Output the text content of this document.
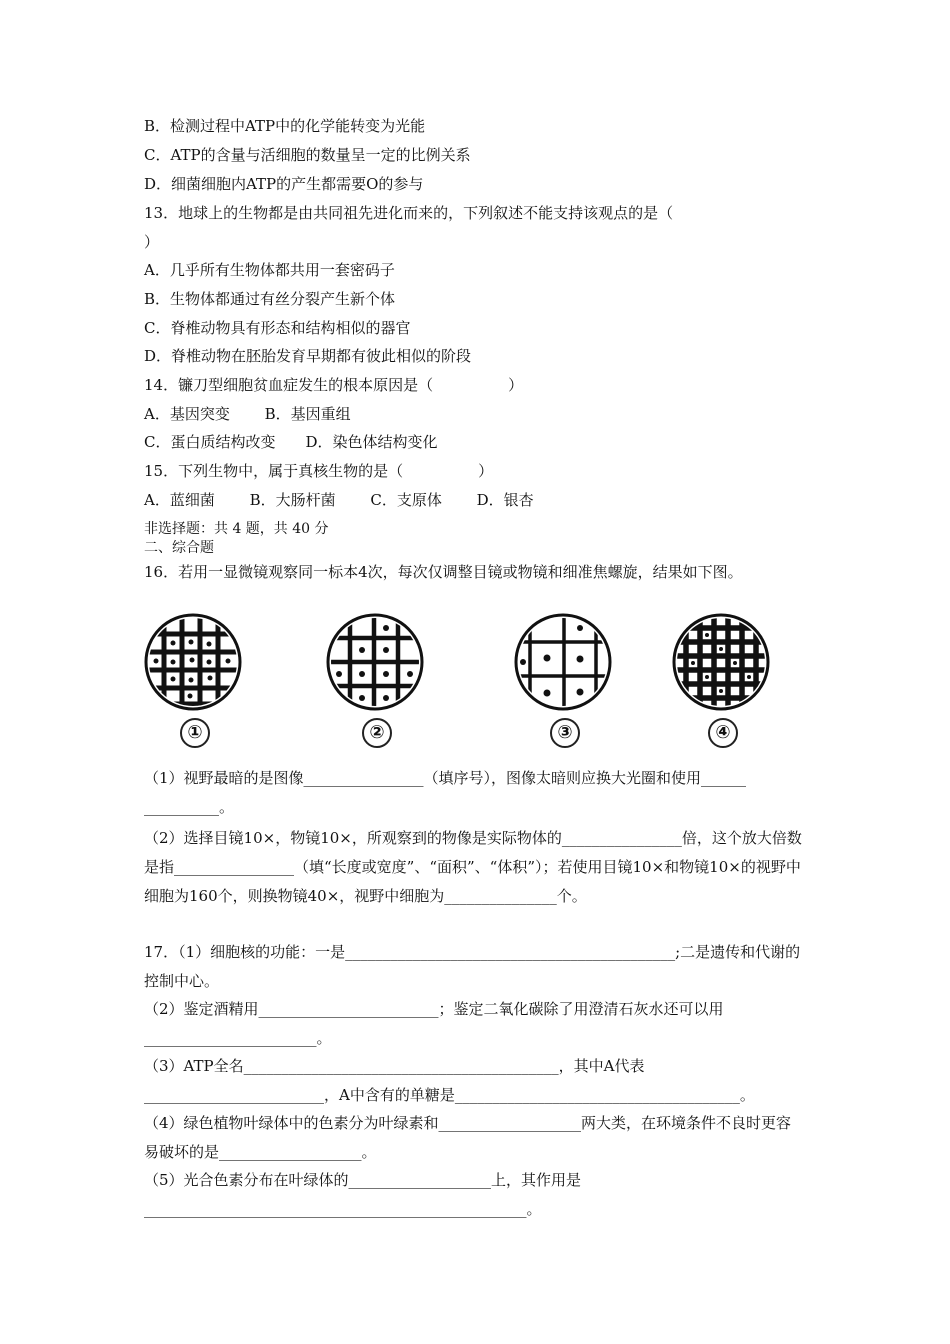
B．检测过程中ATP中的化学能转变为光能
C．ATP的含量与活细胞的数量呈一定的比例关系
D．细菌细胞内ATP的产生都需要O的参与
13．地球上的生物都是由共同祖先进化而来的，下列叙述不能支持该观点的是（
）
A．几乎所有生物体都共用一套密码子
B．生物体都通过有丝分裂产生新个体
C．脊椎动物具有形态和结构相似的器官
D．脊椎动物在胚胎发育早期都有彼此相似的阶段
14．镰刀型细胞贫血症发生的根本原因是（　　　　　）
A．基因突变　　 B．基因重组
C．蛋白质结构改变　　D．染色体结构变化
15．下列生物中，属于真核生物的是（　　　　　）
A．蓝细菌　　 B．大肠杆菌　　 C．支原体　　 D．银杏
非选择题：共 4 题，共 40 分
二、综合题
16．若用一显微镜观察同一标本4次，每次仅调整目镜或物镜和细准焦螺旋，结果如下图。
①	②	③	④
（1）视野最暗的是图像________________（填序号），图像太暗则应换大光圈和使用______
__________。
（2）选择目镜10×，物镜10×，所观察到的物像是实际物体的________________倍，这个放大倍数是指________________（填“长度或宽度”、“面积”、“体积”）；若使用目镜10×和物镜10×的视野中细胞为160个，则换物镜40×，视野中细胞为_______________个。
17．（1）细胞核的功能：一是____________________________________________;二是遗传和代谢的控制中心。
（2）鉴定酒精用________________________；鉴定二氧化碳除了用澄清石灰水还可以用_______________________。
（3）ATP全名__________________________________________，其中A代表________________________，A中含有的单糖是______________________________________。
（4）绿色植物叶绿体中的色素分为叶绿素和___________________两大类，在环境条件不良时更容易破坏的是___________________。
（5）光合色素分布在叶绿体的___________________上，其作用是___________________________________________________。
